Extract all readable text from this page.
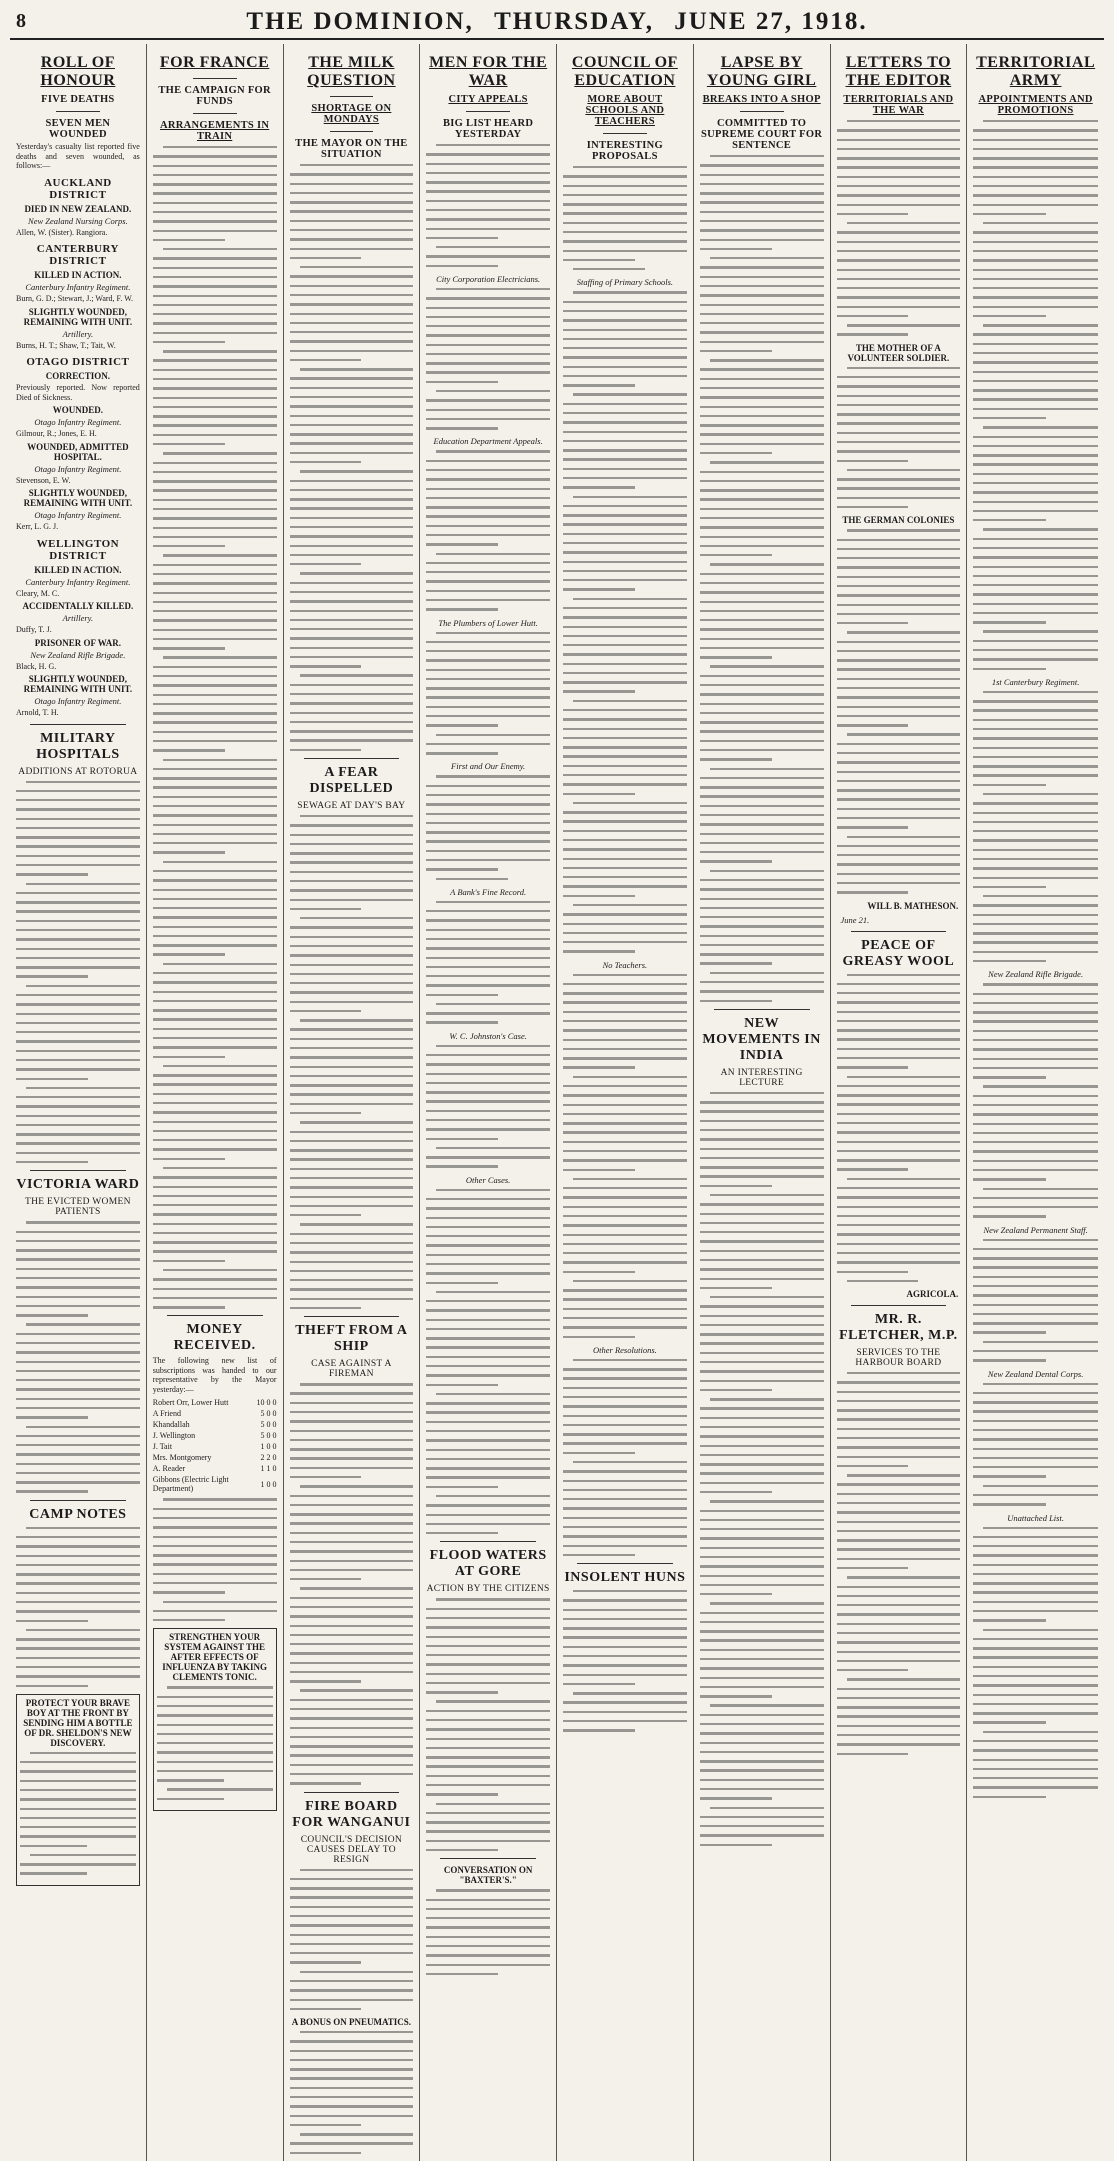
8	THE DOMINION, THURSDAY, JUNE 27, 1918.
ROLL OF HONOUR
FIVE DEATHS
SEVEN MEN WOUNDED
Yesterday's casualty list reported five deaths and seven wounded, as follows:—
AUCKLAND DISTRICT
DIED IN NEW ZEALAND.
New Zealand Nursing Corps.
Allen, W. (Sister). Rangiora.
CANTERBURY DISTRICT
KILLED IN ACTION.
Canterbury Infantry Regiment.
Burn, G. D.; Stewart, J.; Ward, F. W.
SLIGHTLY WOUNDED, REMAINING WITH UNIT.
Artillery.
Burns, H. T.; Shaw, T.; Tait, W.
OTAGO DISTRICT
CORRECTION.
Previously reported. Now reported Died of Sickness.
WOUNDED.
Otago Infantry Regiment.
Gilmour, R.; Jones, E. H.
WOUNDED, ADMITTED HOSPITAL.
Otago Infantry Regiment.
Stevenson, E. W.
SLIGHTLY WOUNDED, REMAINING WITH UNIT.
Otago Infantry Regiment.
Kerr, L. G. J.
WELLINGTON DISTRICT
KILLED IN ACTION.
Canterbury Infantry Regiment.
Cleary, M. C.
ACCIDENTALLY KILLED.
Artillery.
Duffy, T. J.
PRISONER OF WAR.
New Zealand Rifle Brigade.
Black, H. G.
SLIGHTLY WOUNDED, REMAINING WITH UNIT.
Otago Infantry Regiment.
Arnold, T. H.
MILITARY HOSPITALS
ADDITIONS AT ROTORUA
VICTORIA WARD
THE EVICTED WOMEN PATIENTS
CAMP NOTES
PROTECT YOUR BRAVE BOY AT THE FRONT BY SENDING HIM A BOTTLE OF DR. SHELDON'S NEW DISCOVERY.
FOR FRANCE
THE CAMPAIGN FOR FUNDS
ARRANGEMENTS IN TRAIN
MONEY RECEIVED.
The following new list of subscriptions was handed to our representative by the Mayor yesterday:—
Robert Orr, Lower Hutt	10 0 0
A Friend	5 0 0
Khandallah	5 0 0
J. Wellington	5 0 0
J. Tait	1 0 0
Mrs. Montgomery	2 2 0
A. Reader	1 1 0
Gibbons (Electric Light Department)	1 0 0
STRENGTHEN YOUR SYSTEM AGAINST THE AFTER EFFECTS OF INFLUENZA BY TAKING CLEMENTS TONIC.
THE MILK QUESTION
SHORTAGE ON MONDAYS
THE MAYOR ON THE SITUATION
A FEAR DISPELLED
SEWAGE AT DAY'S BAY
THEFT FROM A SHIP
CASE AGAINST A FIREMAN
FIRE BOARD FOR WANGANUI
COUNCIL'S DECISION CAUSES DELAY TO RESIGN
A BONUS ON PNEUMATICS.
MEN FOR THE WAR
CITY APPEALS
BIG LIST HEARD YESTERDAY
City Corporation Electricians.
Education Department Appeals.
The Plumbers of Lower Hutt.
First and Our Enemy.
A Bank's Fine Record.
W. C. Johnston's Case.
Other Cases.
FLOOD WATERS AT GORE
ACTION BY THE CITIZENS
CONVERSATION ON "BAXTER'S."
COUNCIL OF EDUCATION
MORE ABOUT SCHOOLS AND TEACHERS
INTERESTING PROPOSALS
Staffing of Primary Schools.
No Teachers.
Other Resolutions.
INSOLENT HUNS
LAPSE BY YOUNG GIRL
BREAKS INTO A SHOP
COMMITTED TO SUPREME COURT FOR SENTENCE
NEW MOVEMENTS IN INDIA
AN INTERESTING LECTURE
LETTERS TO THE EDITOR
TERRITORIALS AND THE WAR
THE MOTHER OF A VOLUNTEER SOLDIER.
THE GERMAN COLONIES
WILL B. MATHESON.
June 21.
PEACE OF GREASY WOOL
AGRICOLA.
MR. R. FLETCHER, M.P.
SERVICES TO THE HARBOUR BOARD
TERRITORIAL ARMY
APPOINTMENTS AND PROMOTIONS
1st Canterbury Regiment.
New Zealand Rifle Brigade.
New Zealand Permanent Staff.
New Zealand Dental Corps.
Unattached List.
